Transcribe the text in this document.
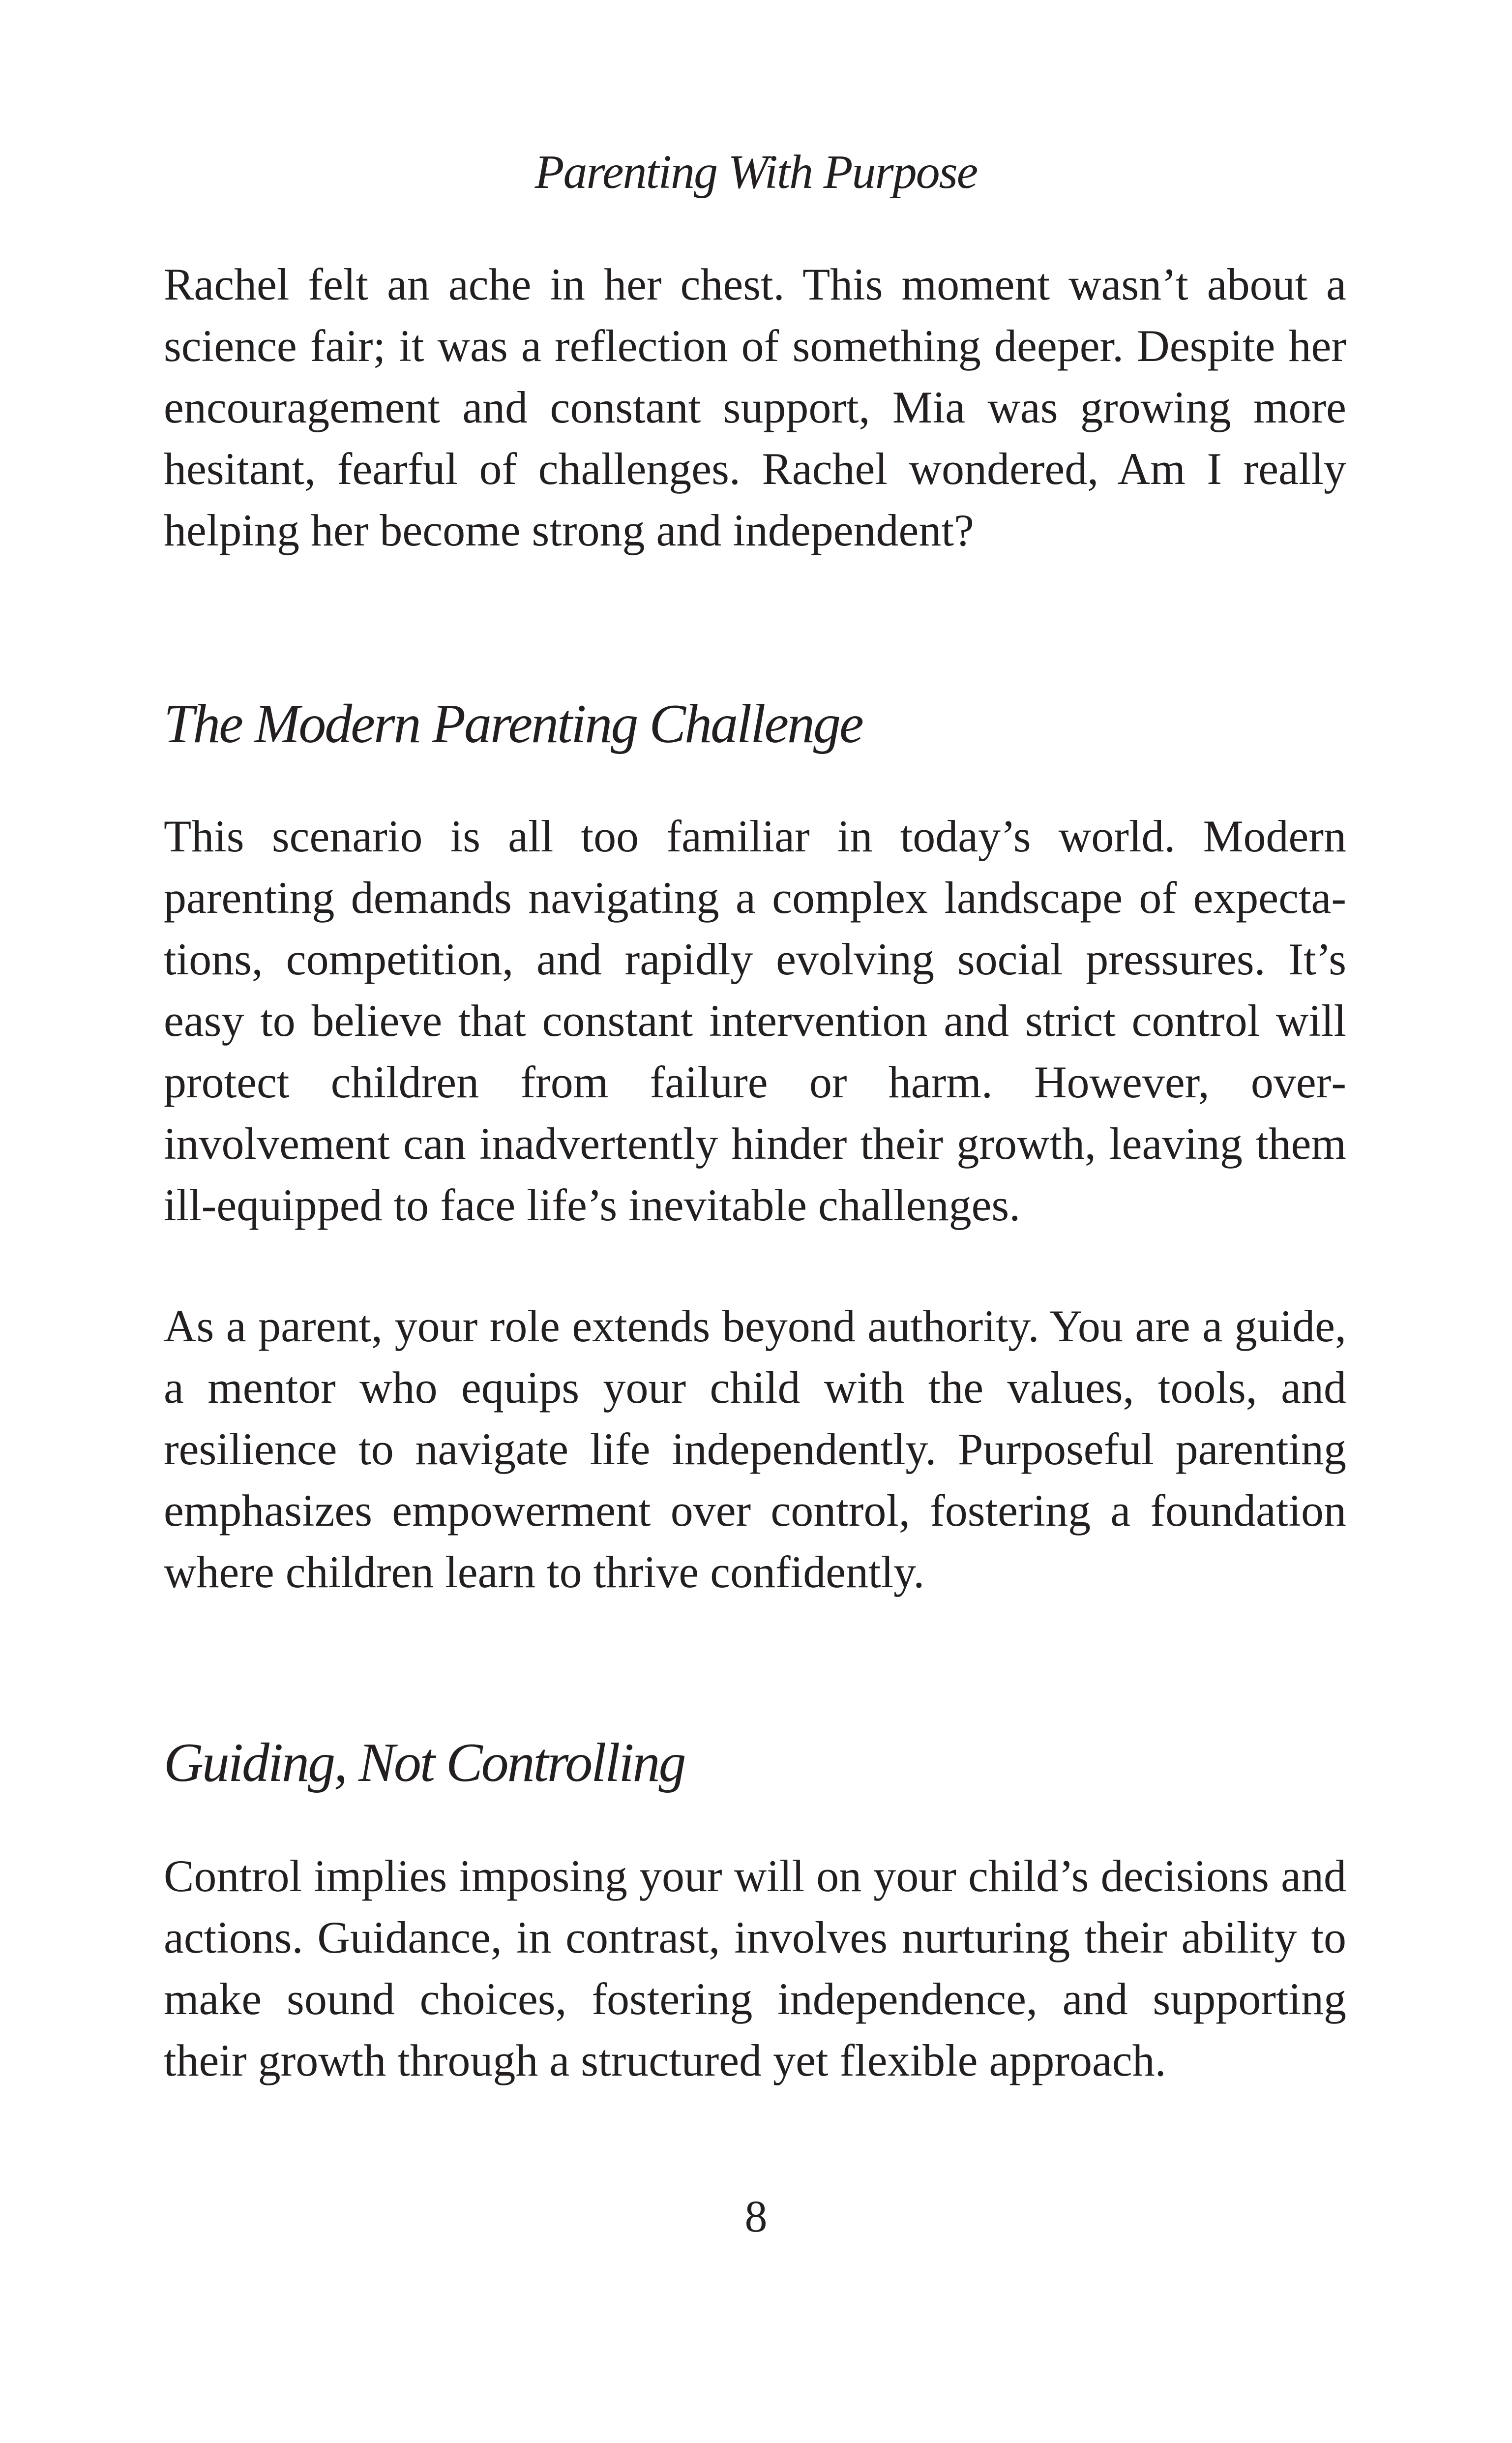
Parenting With Purpose

Rachel felt an ache in her chest. This moment wasn’t about a science fair; it was a reflection of something deeper. Despite her encouragement and constant support, Mia was growing more hesitant, fearful of challenges. Rachel wondered, Am I really helping her become strong and independent?

The Modern Parenting Challenge

This scenario is all too familiar in today’s world. Modern parenting demands navigating a complex landscape of expectations, competition, and rapidly evolving social pressures. It’s easy to believe that constant intervention and strict control will protect children from failure or harm. However, overinvolvement can inadvertently hinder their growth, leaving them ill-equipped to face life’s inevitable challenges.

As a parent, your role extends beyond authority. You are a guide, a mentor who equips your child with the values, tools, and resilience to navigate life independently. Purposeful parenting emphasizes empowerment over control, fostering a foundation where children learn to thrive confidently.

Guiding, Not Controlling

Control implies imposing your will on your child’s decisions and actions. Guidance, in contrast, involves nurturing their ability to make sound choices, fostering independence, and supporting their growth through a structured yet flexible approach.

8
